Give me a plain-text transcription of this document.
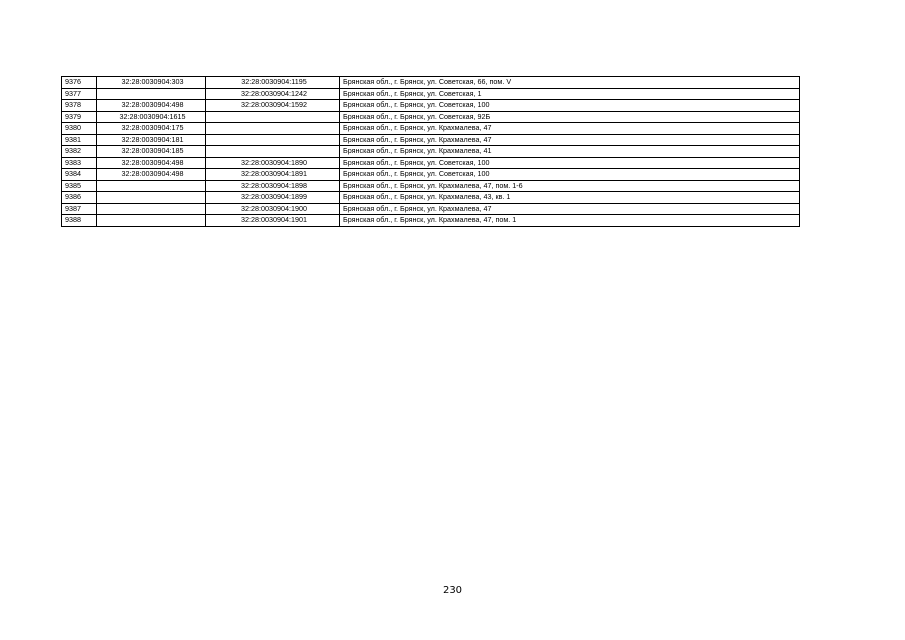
9376	32:28:0030904:303	32:28:0030904:1195	Брянская обл., г. Брянск, ул. Советская, 66, пом. V
9377		32:28:0030904:1242	Брянская обл., г. Брянск, ул. Советская, 1
9378	32:28:0030904:498	32:28:0030904:1592	Брянская обл., г. Брянск, ул. Советская, 100
9379	32:28:0030904:1615		Брянская обл., г. Брянск, ул. Советская, 92Б
9380	32:28:0030904:175		Брянская обл., г. Брянск, ул. Крахмалева, 47
9381	32:28:0030904:181		Брянская обл., г. Брянск, ул. Крахмалева, 47
9382	32:28:0030904:185		Брянская обл., г. Брянск, ул. Крахмалева, 41
9383	32:28:0030904:498	32:28:0030904:1890	Брянская обл., г. Брянск, ул. Советская, 100
9384	32:28:0030904:498	32:28:0030904:1891	Брянская обл., г. Брянск, ул. Советская, 100
9385		32:28:0030904:1898	Брянская обл., г. Брянск, ул. Крахмалева, 47, пом. 1-6
9386		32:28:0030904:1899	Брянская обл., г. Брянск, ул. Крахмалева, 43, кв. 1
9387		32:28:0030904:1900	Брянская обл., г. Брянск, ул. Крахмалева, 47
9388		32:28:0030904:1901	Брянская обл., г. Брянск, ул. Крахмалева, 47, пом. 1
230
